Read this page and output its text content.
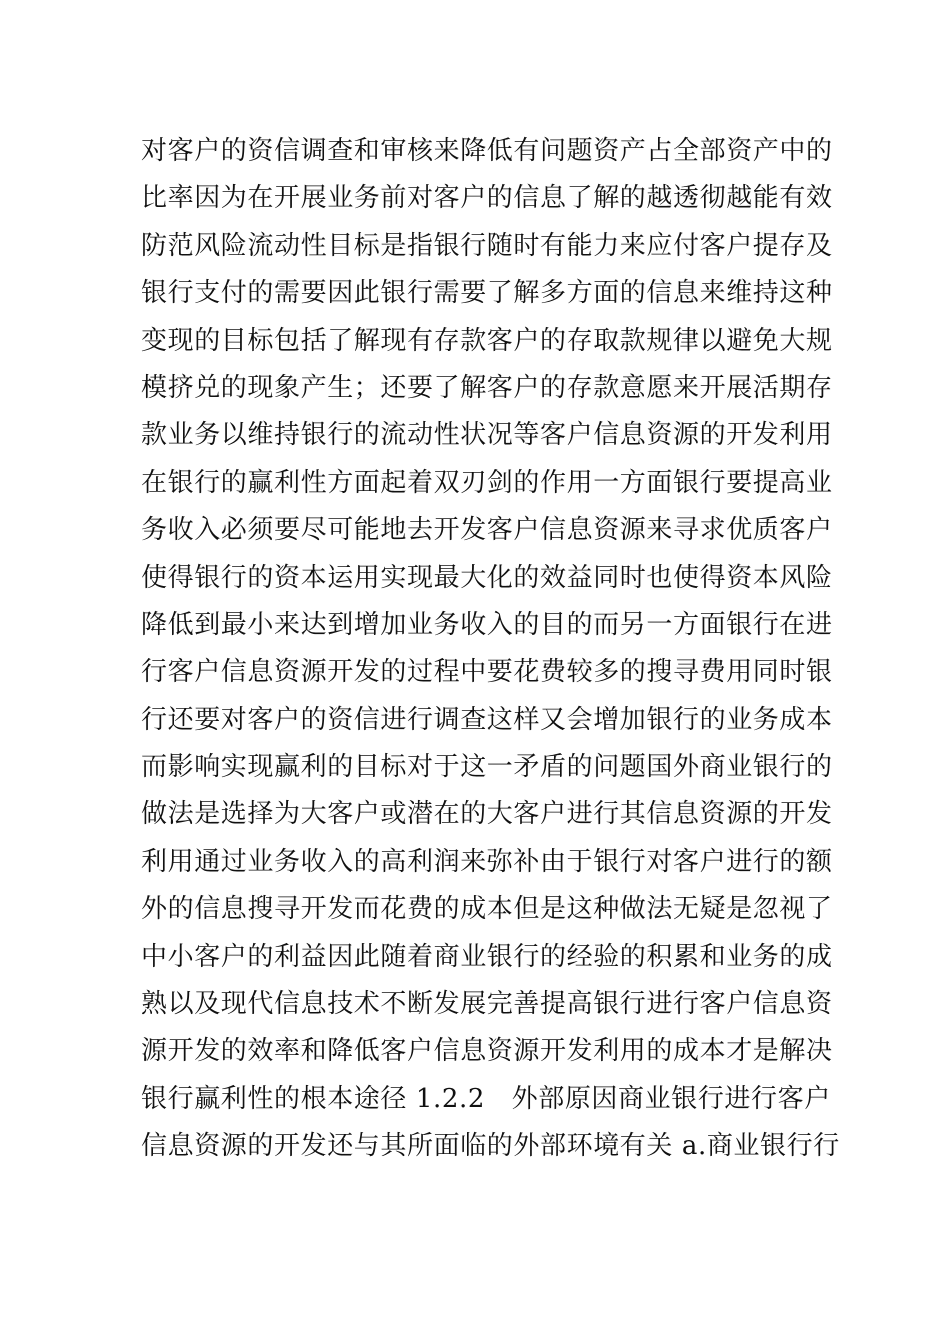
对客户的资信调查和审核来降低有问题资产占全部资产中的
比率因为在开展业务前对客户的信息了解的越透彻越能有效
防范风险流动性目标是指银行随时有能力来应付客户提存及
银行支付的需要因此银行需要了解多方面的信息来维持这种
变现的目标包括了解现有存款客户的存取款规律以避免大规
模挤兑的现象产生；还要了解客户的存款意愿来开展活期存
款业务以维持银行的流动性状况等客户信息资源的开发利用
在银行的赢利性方面起着双刃剑的作用一方面银行要提高业
务收入必须要尽可能地去开发客户信息资源来寻求优质客户
使得银行的资本运用实现最大化的效益同时也使得资本风险
降低到最小来达到增加业务收入的目的而另一方面银行在进
行客户信息资源开发的过程中要花费较多的搜寻费用同时银
行还要对客户的资信进行调查这样又会增加银行的业务成本
而影响实现赢利的目标对于这一矛盾的问题国外商业银行的
做法是选择为大客户或潜在的大客户进行其信息资源的开发
利用通过业务收入的高利润来弥补由于银行对客户进行的额
外的信息搜寻开发而花费的成本但是这种做法无疑是忽视了
中小客户的利益因此随着商业银行的经验的积累和业务的成
熟以及现代信息技术不断发展完善提高银行进行客户信息资
源开发的效率和降低客户信息资源开发利用的成本才是解决
银行赢利性的根本途径 1.2.2　外部原因商业银行进行客户
信息资源的开发还与其所面临的外部环境有关 a.商业银行行
